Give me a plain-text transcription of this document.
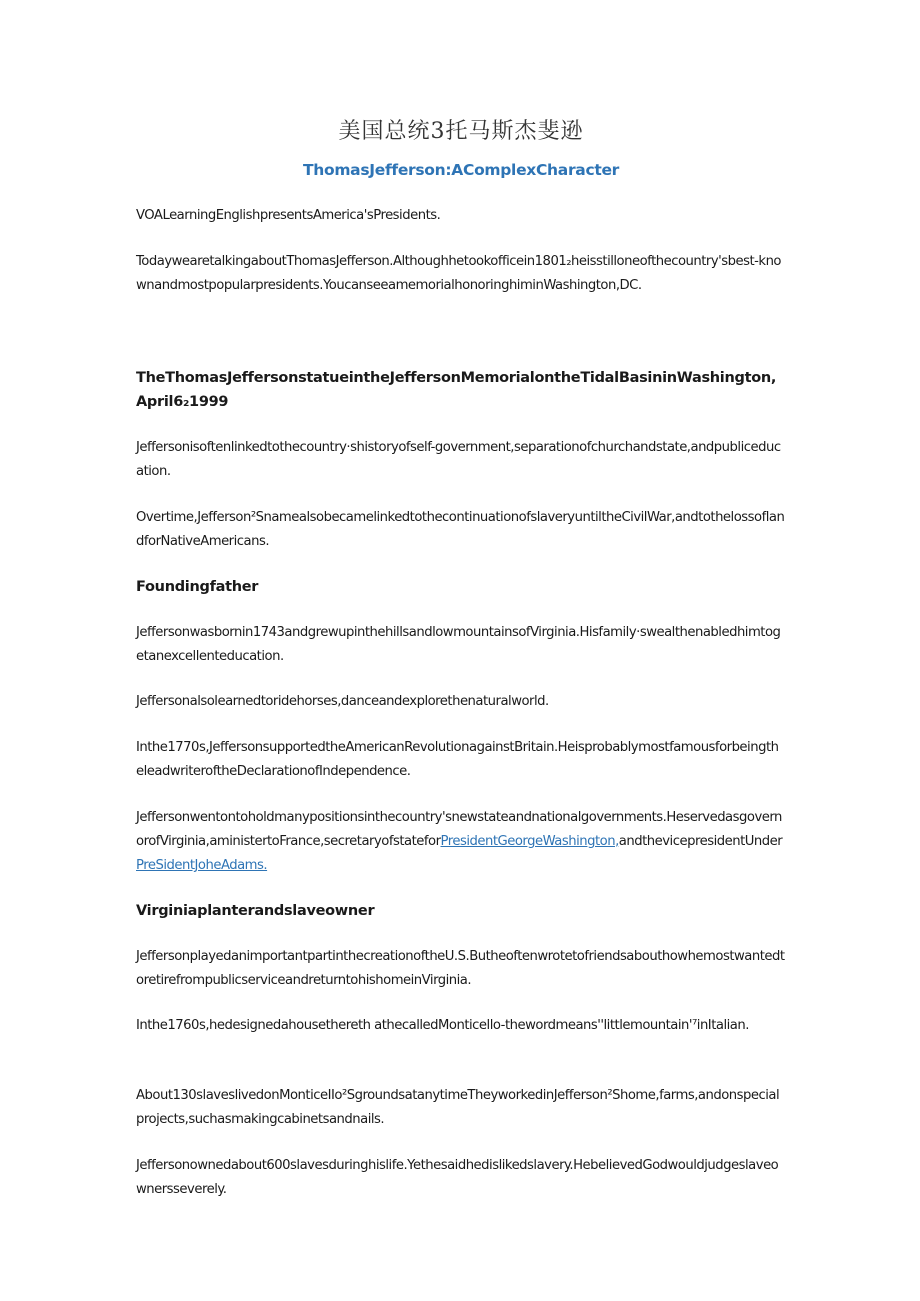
美国总统3托马斯杰斐逊
ThomasJefferson:AComplexCharacter
VOALearningEnglishpresentsAmerica'sPresidents.
TodaywearetalkingaboutThomasJefferson.Althoughhetookofficein1801₂heisstilloneofthecountry'sbest-knownandmostpopularpresidents.YoucanseeamemorialhonoringhiminWashington,DC.
TheThomasJeffersonstatueintheJeffersonMemorialontheTidalBasininWashington,April6₂1999
Jeffersonisoftenlinkedtothecountry·shistoryofself-government,separationofchurchandstate,andpubliceducation.
Overtime,Jefferson²SnamealsobecamelinkedtothecontinuationofslaveryuntiltheCivilWar,andtothelossoflandforNativeAmericans.
Foundingfather
Jeffersonwasbornin1743andgrewupinthehillsandlowmountainsofVirginia.Hisfamily·swealthenabledhimtogetanexcellenteducation.
Jeffersonalsolearnedtoridehorses,danceandexplorethenaturalworld.
Inthe1770s,JeffersonsupportedtheAmericanRevolutionagainstBritain.HeisprobablymostfamousforbeingtheleadwriteroftheDeclarationofIndependence.
Jeffersonwentontoholdmanypositionsinthecountry'snewstateandnationalgovernments.HeservedasgovernorofVirginia,aministertoFrance,secretaryofstateforPresidentGeorgeWashington,andthevicepresidentUnderPreSidentJoheAdams.
Virginiaplanterandslaveowner
JeffersonplayedanimportantpartinthecreationoftheU.S.ButheoftenwrotetofriendsabouthowhemostwantedtoretirefrompublicserviceandreturntohishomeinVirginia.
Inthe1760s,hedesignedahousethereth athecalledMonticello-thewordmeans''littlemountain'⁷inItalian.
About130slaveslivedonMonticeIIo²SgroundsatanytimeTheyworkedinJefferson²Shome,farms,andonspecialprojects,suchasmakingcabinetsandnails.
Jeffersonownedabout600slavesduringhislife.Yethesaidhedislikedslavery.HebelievedGodwouldjudgeslaveownersseverely.
